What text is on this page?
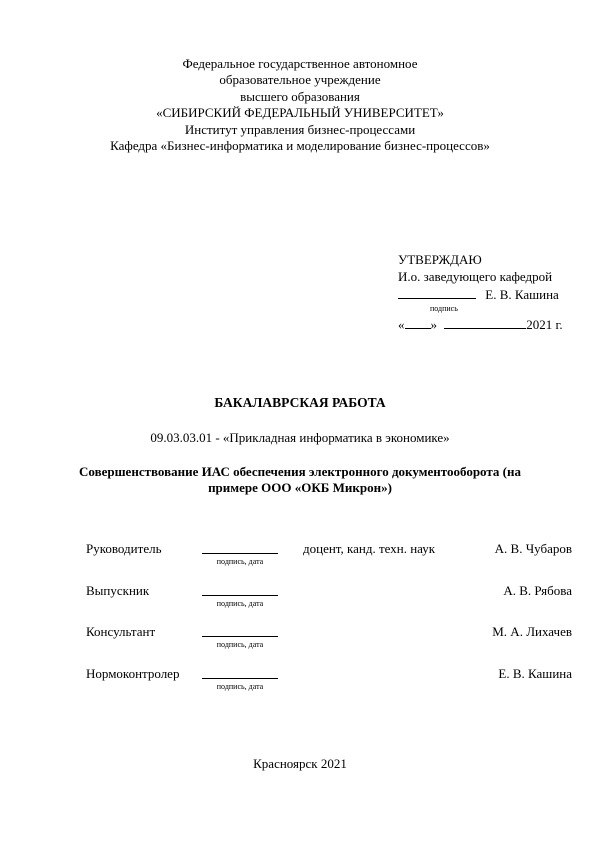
Федеральное государственное автономное
образовательное учреждение
высшего образования
«СИБИРСКИЙ ФЕДЕРАЛЬНЫЙ УНИВЕРСИТЕТ»
Институт управления бизнес-процессами
Кафедра «Бизнес-информатика и моделирование бизнес-процессов»
УТВЕРЖДАЮ
И.о. заведующего кафедрой
Е. В. Кашина
подпись
« »	2021 г.
БАКАЛАВРСКАЯ РАБОТА
09.03.03.01 - «Прикладная информатика в экономике»
Совершенствование ИАС обеспечения электронного документооборота (на
примере ООО «ОКБ Микрон»)
Руководитель
подпись, дата
доцент, канд. техн. наук	А. В. Чубаров
Выпускник
подпись, дата
А. В. Рябова
Консультант
подпись, дата
М. А. Лихачев
Нормоконтролер
подпись, дата
Е. В. Кашина
Красноярск 2021
